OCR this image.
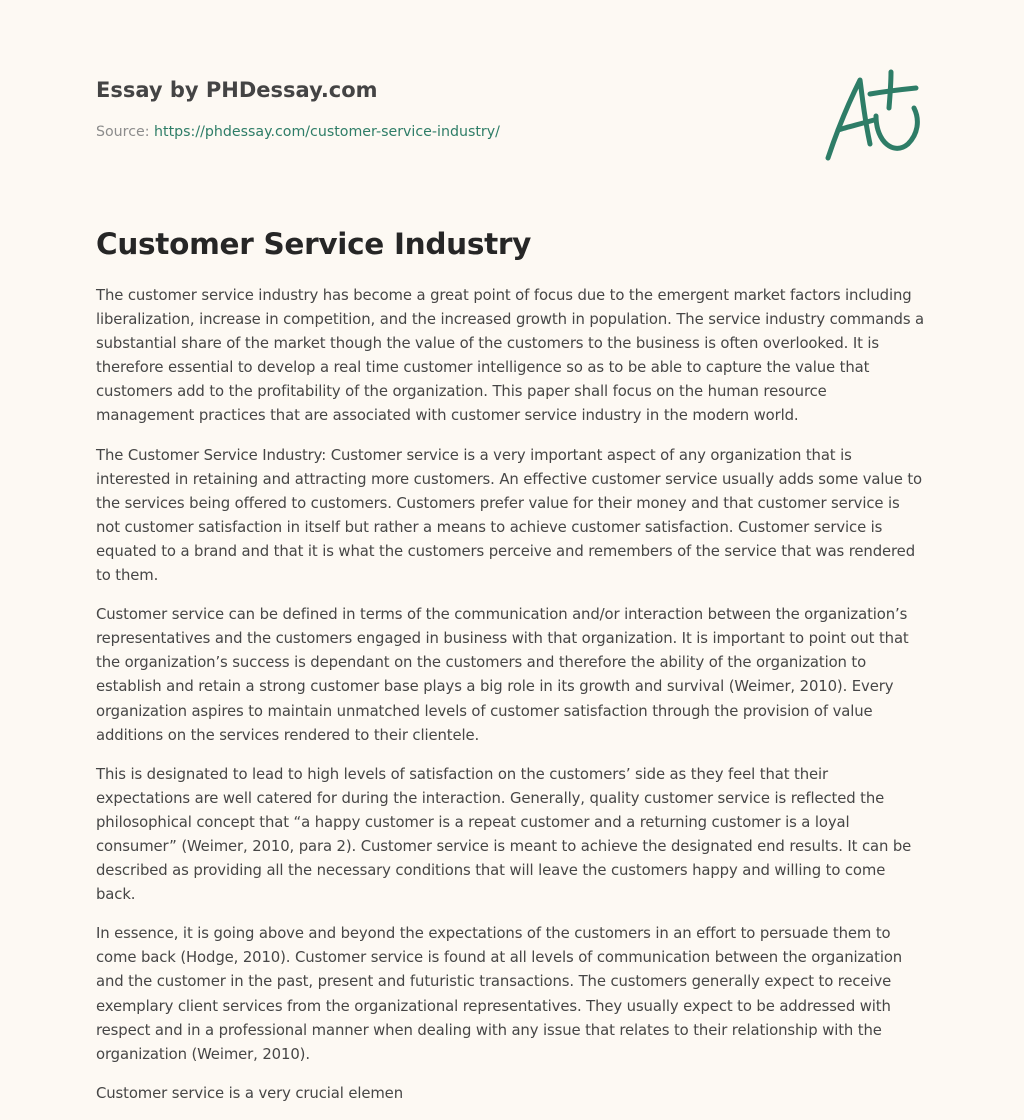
Essay by PHDessay.com
Source: https://phdessay.com/customer-service-industry/
Customer Service Industry

The customer service industry has become a great point of focus due to the emergent market factors including liberalization, increase in competition, and the increased growth in population. The service industry commands a substantial share of the market though the value of the customers to the business is often overlooked. It is therefore essential to develop a real time customer intelligence so as to be able to capture the value that customers add to the profitability of the organization. This paper shall focus on the human resource management practices that are associated with customer service industry in the modern world.

The Customer Service Industry: Customer service is a very important aspect of any organization that is interested in retaining and attracting more customers. An effective customer service usually adds some value to the services being offered to customers. Customers prefer value for their money and that customer service is not customer satisfaction in itself but rather a means to achieve customer satisfaction. Customer service is equated to a brand and that it is what the customers perceive and remembers of the service that was rendered to them.

Customer service can be defined in terms of the communication and/or interaction between the organization’s representatives and the customers engaged in business with that organization. It is important to point out that the organization’s success is dependant on the customers and therefore the ability of the organization to establish and retain a strong customer base plays a big role in its growth and survival (Weimer, 2010). Every organization aspires to maintain unmatched levels of customer satisfaction through the provision of value additions on the services rendered to their clientele.

This is designated to lead to high levels of satisfaction on the customers’ side as they feel that their expectations are well catered for during the interaction. Generally, quality customer service is reflected the philosophical concept that “a happy customer is a repeat customer and a returning customer is a loyal consumer” (Weimer, 2010, para 2). Customer service is meant to achieve the designated end results. It can be described as providing all the necessary conditions that will leave the customers happy and willing to come back.

In essence, it is going above and beyond the expectations of the customers in an effort to persuade them to come back (Hodge, 2010). Customer service is found at all levels of communication between the organization and the customer in the past, present and futuristic transactions. The customers generally expect to receive exemplary client services from the organizational representatives. They usually expect to be addressed with respect and in a professional manner when dealing with any issue that relates to their relationship with the organization (Weimer, 2010).

Customer service is a very crucial elemen
